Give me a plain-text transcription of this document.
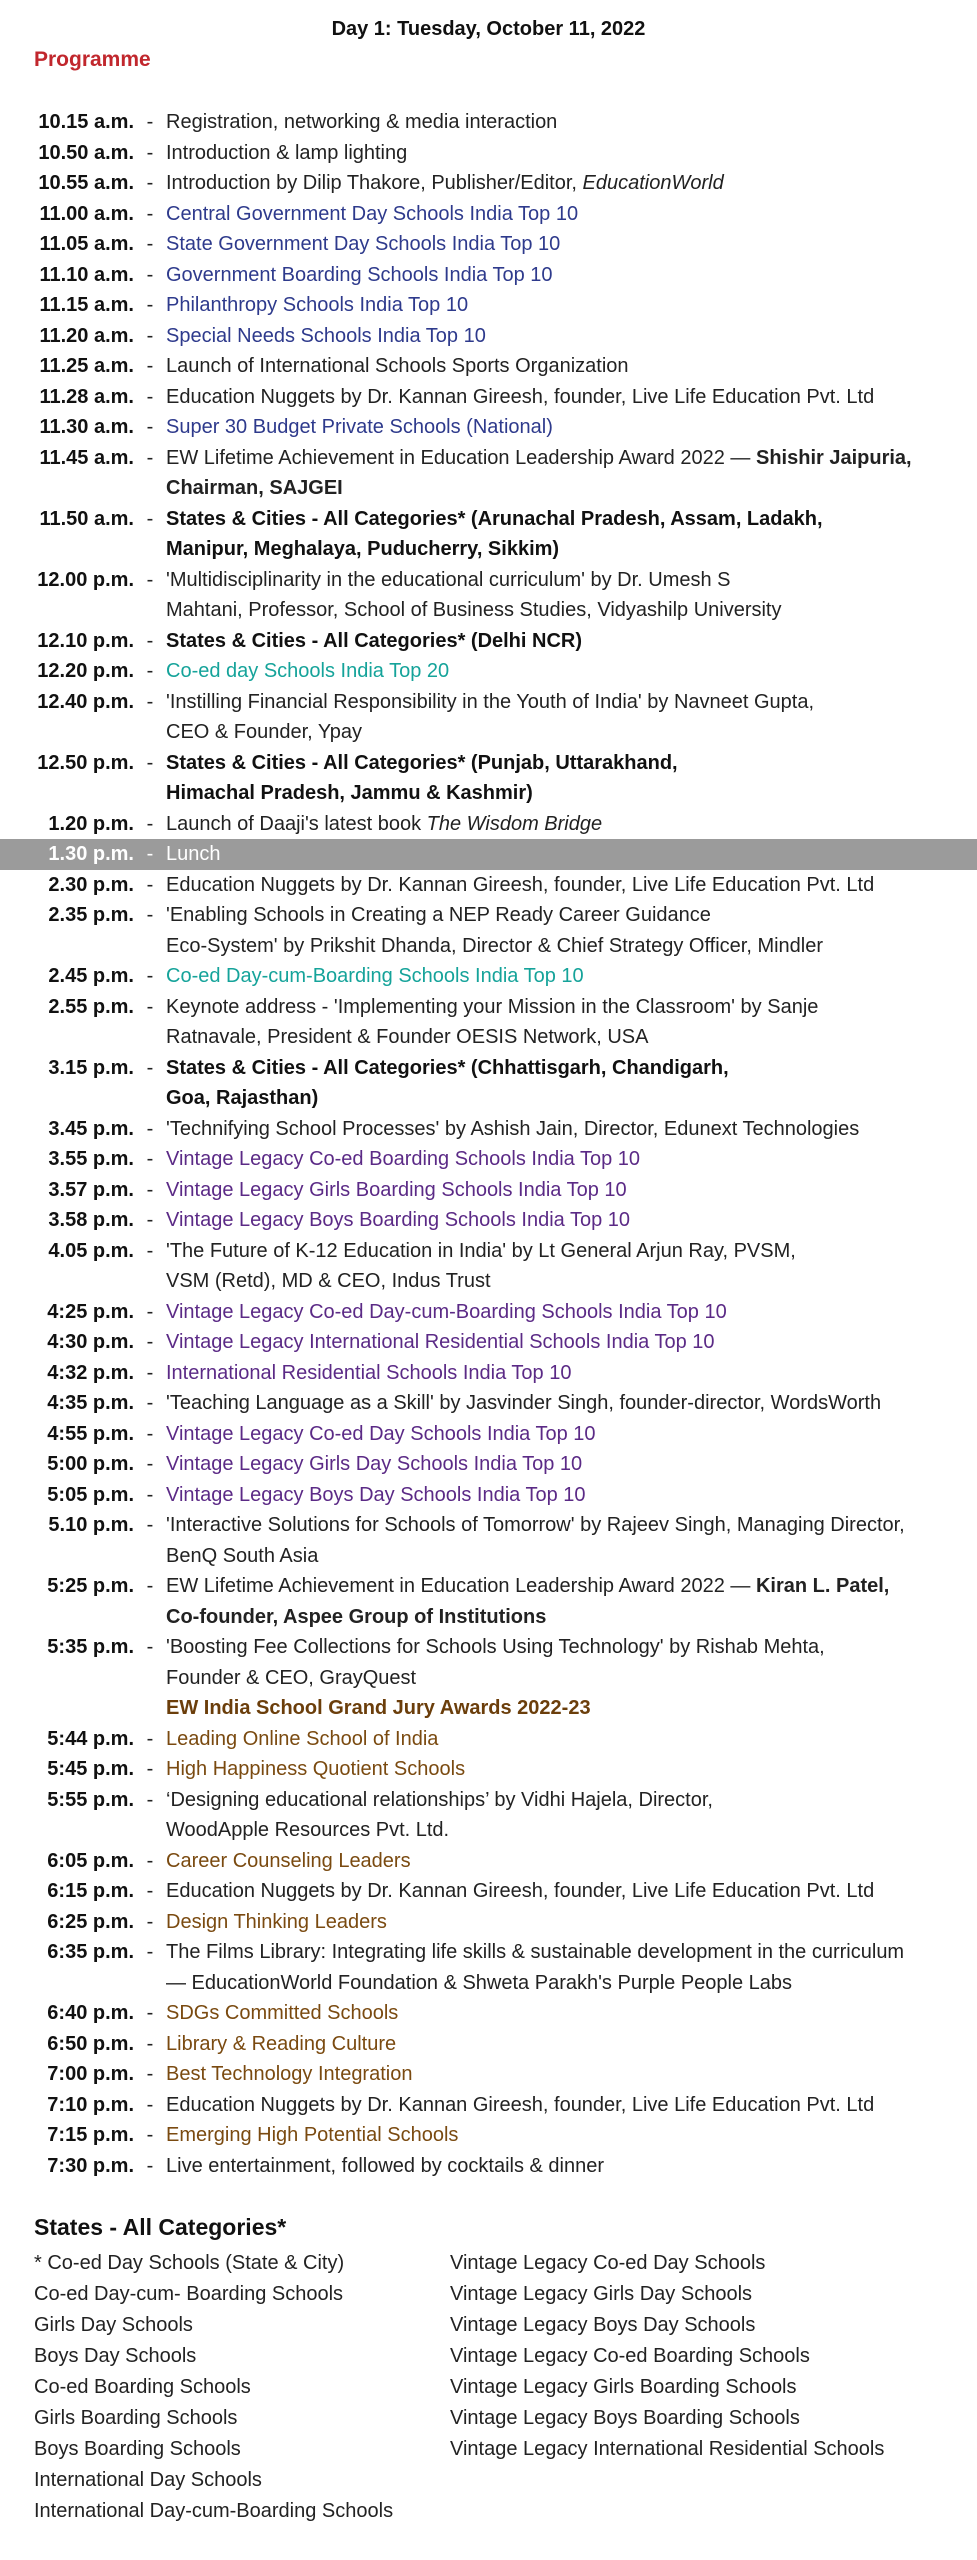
Day 1: Tuesday, October 11, 2022
Programme
10.15 a.m. - Registration, networking & media interaction
10.50 a.m. - Introduction & lamp lighting
10.55 a.m. - Introduction by Dilip Thakore, Publisher/Editor, EducationWorld
11.00 a.m. - Central Government Day Schools India Top 10
11.05 a.m. - State Government Day Schools India Top 10
11.10 a.m. - Government Boarding Schools India Top 10
11.15 a.m. - Philanthropy Schools India Top 10
11.20 a.m. - Special Needs Schools India Top 10
11.25 a.m. - Launch of International Schools Sports Organization
11.28 a.m. - Education Nuggets by Dr. Kannan Gireesh, founder, Live Life Education Pvt. Ltd
11.30 a.m. - Super 30 Budget Private Schools (National)
11.45 a.m. - EW Lifetime Achievement in Education Leadership Award 2022 — Shishir Jaipuria,
Chairman, SAJGEI
11.50 a.m. - States & Cities - All Categories* (Arunachal Pradesh, Assam, Ladakh,
Manipur, Meghalaya, Puducherry, Sikkim)
12.00 p.m. - 'Multidisciplinarity in the educational curriculum' by Dr. Umesh S
Mahtani, Professor, School of Business Studies, Vidyashilp University
12.10 p.m. - States & Cities - All Categories* (Delhi NCR)
12.20 p.m. - Co-ed day Schools India Top 20
12.40 p.m. - 'Instilling Financial Responsibility in the Youth of India' by Navneet Gupta,
CEO & Founder, Ypay
12.50 p.m. - States & Cities - All Categories* (Punjab, Uttarakhand,
Himachal Pradesh, Jammu & Kashmir)
1.20 p.m. - Launch of Daaji's latest book The Wisdom Bridge
1.30 p.m. - Lunch
2.30 p.m. - Education Nuggets by Dr. Kannan Gireesh, founder, Live Life Education Pvt. Ltd
2.35 p.m. - 'Enabling Schools in Creating a NEP Ready Career Guidance
Eco-System' by Prikshit Dhanda, Director & Chief Strategy Officer, Mindler
2.45 p.m. - Co-ed Day-cum-Boarding Schools India Top 10
2.55 p.m. - Keynote address - 'Implementing your Mission in the Classroom' by Sanje
Ratnavale, President & Founder OESIS Network, USA
3.15 p.m. - States & Cities - All Categories* (Chhattisgarh, Chandigarh,
Goa, Rajasthan)
3.45 p.m. - 'Technifying School Processes' by Ashish Jain, Director, Edunext Technologies
3.55 p.m. - Vintage Legacy Co-ed Boarding Schools India Top 10
3.57 p.m. - Vintage Legacy Girls Boarding Schools India Top 10
3.58 p.m. - Vintage Legacy Boys Boarding Schools India Top 10
4.05 p.m. - 'The Future of K-12 Education in India' by Lt General Arjun Ray, PVSM,
VSM (Retd), MD & CEO, Indus Trust
4:25 p.m. - Vintage Legacy Co-ed Day-cum-Boarding Schools India Top 10
4:30 p.m. - Vintage Legacy International Residential Schools India Top 10
4:32 p.m. - International Residential Schools India Top 10
4:35 p.m. - 'Teaching Language as a Skill' by Jasvinder Singh, founder-director, WordsWorth
4:55 p.m. - Vintage Legacy Co-ed Day Schools India Top 10
5:00 p.m. - Vintage Legacy Girls Day Schools India Top 10
5:05 p.m. - Vintage Legacy Boys Day Schools India Top 10
5.10 p.m. - 'Interactive Solutions for Schools of Tomorrow' by Rajeev Singh, Managing Director,
BenQ South Asia
5:25 p.m. - EW Lifetime Achievement in Education Leadership Award 2022 — Kiran L. Patel,
Co-founder, Aspee Group of Institutions
5:35 p.m. - 'Boosting Fee Collections for Schools Using Technology' by Rishab Mehta,
Founder & CEO, GrayQuest
EW India School Grand Jury Awards 2022-23
5:44 p.m. - Leading Online School of India
5:45 p.m. - High Happiness Quotient Schools
5:55 p.m. - ‘Designing educational relationships’ by Vidhi Hajela, Director,
WoodApple Resources Pvt. Ltd.
6:05 p.m. - Career Counseling Leaders
6:15 p.m. - Education Nuggets by Dr. Kannan Gireesh, founder, Live Life Education Pvt. Ltd
6:25 p.m. - Design Thinking Leaders
6:35 p.m. - The Films Library: Integrating life skills & sustainable development in the curriculum
— EducationWorld Foundation & Shweta Parakh's Purple People Labs
6:40 p.m. - SDGs Committed Schools
6:50 p.m. - Library & Reading Culture
7:00 p.m. - Best Technology Integration
7:10 p.m. - Education Nuggets by Dr. Kannan Gireesh, founder, Live Life Education Pvt. Ltd
7:15 p.m. - Emerging High Potential Schools
7:30 p.m. - Live entertainment, followed by cocktails & dinner
States - All Categories*
* Co-ed Day Schools (State & City)
Co-ed Day-cum- Boarding Schools
Girls Day Schools
Boys Day Schools
Co-ed Boarding Schools
Girls Boarding Schools
Boys Boarding Schools
International Day Schools
International Day-cum-Boarding Schools
Vintage Legacy Co-ed Day Schools
Vintage Legacy Girls Day Schools
Vintage Legacy Boys Day Schools
Vintage Legacy Co-ed Boarding Schools
Vintage Legacy Girls Boarding Schools
Vintage Legacy Boys Boarding Schools
Vintage Legacy International Residential Schools
